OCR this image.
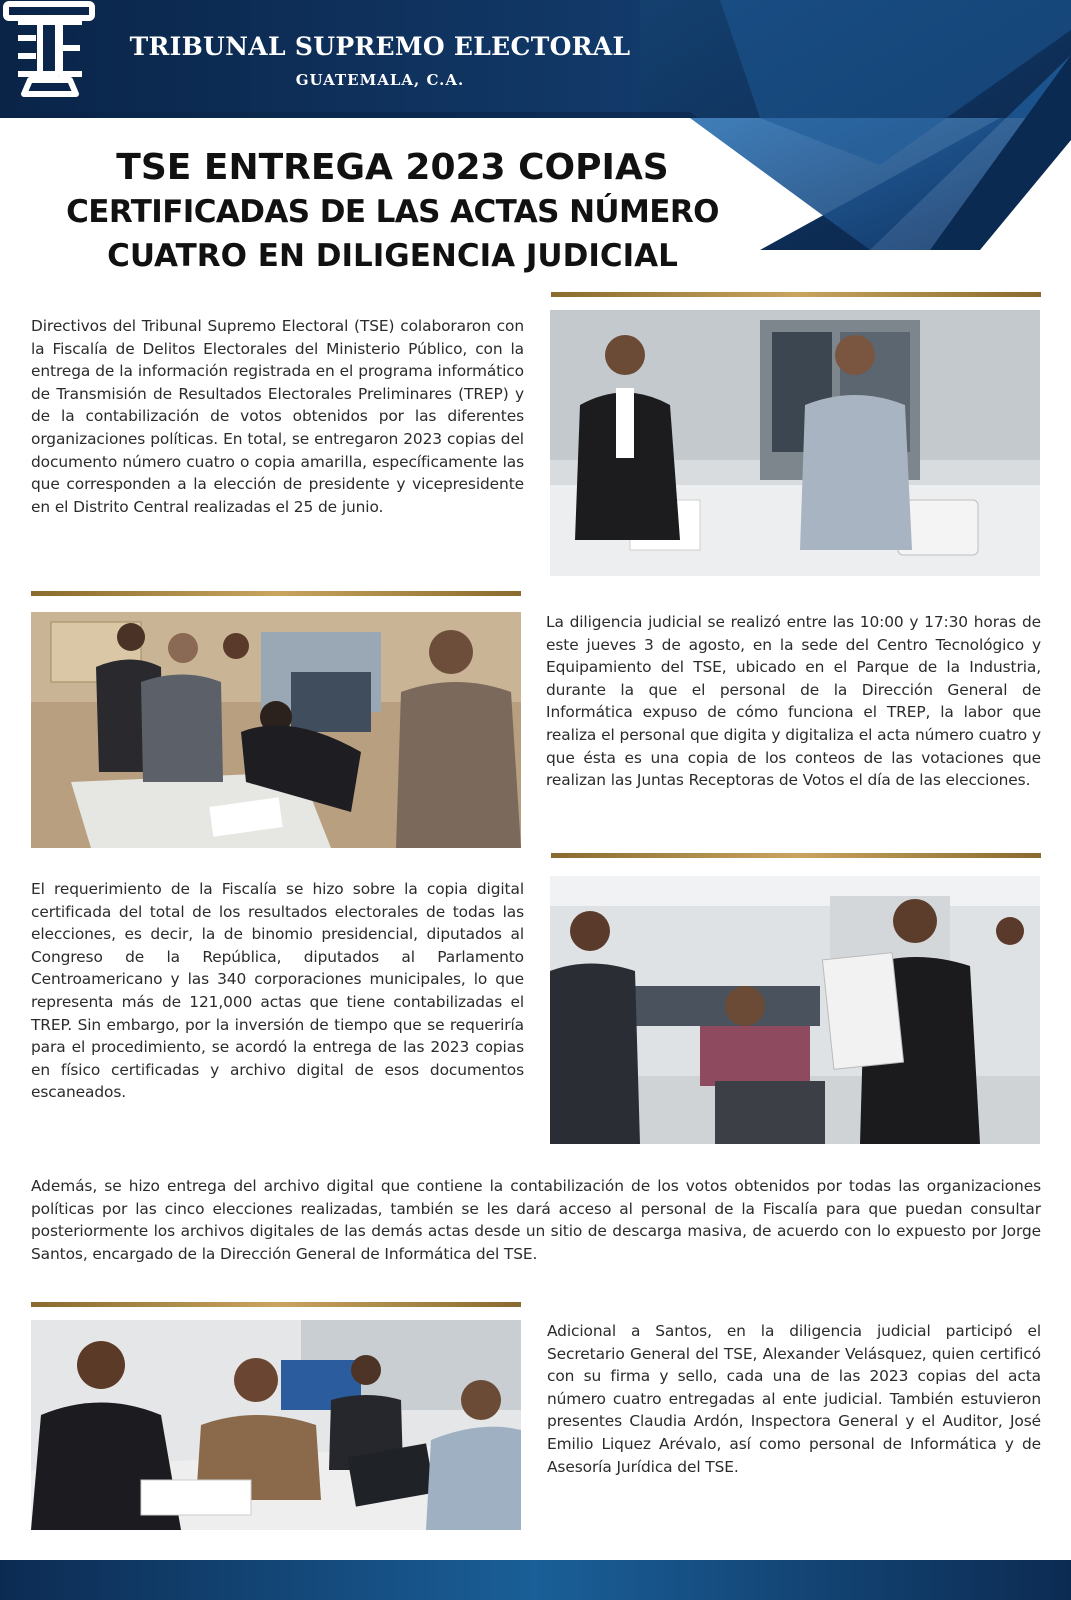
TRIBUNAL SUPREMO ELECTORAL
GUATEMALA, C.A.
TSE ENTREGA 2023 COPIAS
CERTIFICADAS DE LAS ACTAS NÚMERO
CUATRO EN DILIGENCIA JUDICIAL

Directivos del Tribunal Supremo Electoral (TSE) colaboraron con la Fiscalía de Delitos Electorales del Ministerio Público, con la entrega de la información registrada en el programa informático de Transmisión de Resultados Electorales Preliminares (TREP) y de la contabilización de votos obtenidos por las diferentes organizaciones políticas. En total, se entregaron 2023 copias del documento número cuatro o copia amarilla, específicamente las que corresponden a la elección de presidente y vicepresidente en el Distrito Central realizadas el 25 de junio.

La diligencia judicial se realizó entre las 10:00 y 17:30 horas de este jueves 3 de agosto, en la sede del Centro Tecnológico y Equipamiento del TSE, ubicado en el Parque de la Industria, durante la que el personal de la Dirección General de Informática expuso de cómo funciona el TREP, la labor que realiza el personal que digita y digitaliza el acta número cuatro y que ésta es una copia de los conteos de las votaciones que realizan las Juntas Receptoras de Votos el día de las elecciones.

El requerimiento de la Fiscalía se hizo sobre la copia digital certificada del total de los resultados electorales de todas las elecciones, es decir, la de binomio presidencial, diputados al Congreso de la República, diputados al Parlamento Centroamericano y las 340 corporaciones municipales, lo que representa más de 121,000 actas que tiene contabilizadas el TREP. Sin embargo, por la inversión de tiempo que se requeriría para el procedimiento, se acordó la entrega de las 2023 copias en físico certificadas y archivo digital de esos documentos escaneados.

Además, se hizo entrega del archivo digital que contiene la contabilización de los votos obtenidos por todas las organizaciones políticas por las cinco elecciones realizadas, también se les dará acceso al personal de la Fiscalía para que puedan consultar posteriormente los archivos digitales de las demás actas desde un sitio de descarga masiva, de acuerdo con lo expuesto por Jorge Santos, encargado de la Dirección General de Informática del TSE.

Adicional a Santos, en la diligencia judicial participó el Secretario General del TSE, Alexander Velásquez, quien certificó con su firma y sello, cada una de las 2023 copias del acta número cuatro entregadas al ente judicial. También estuvieron presentes Claudia Ardón, Inspectora General y el Auditor, José Emilio Liquez Arévalo, así como personal de Informática y de Asesoría Jurídica del TSE.
